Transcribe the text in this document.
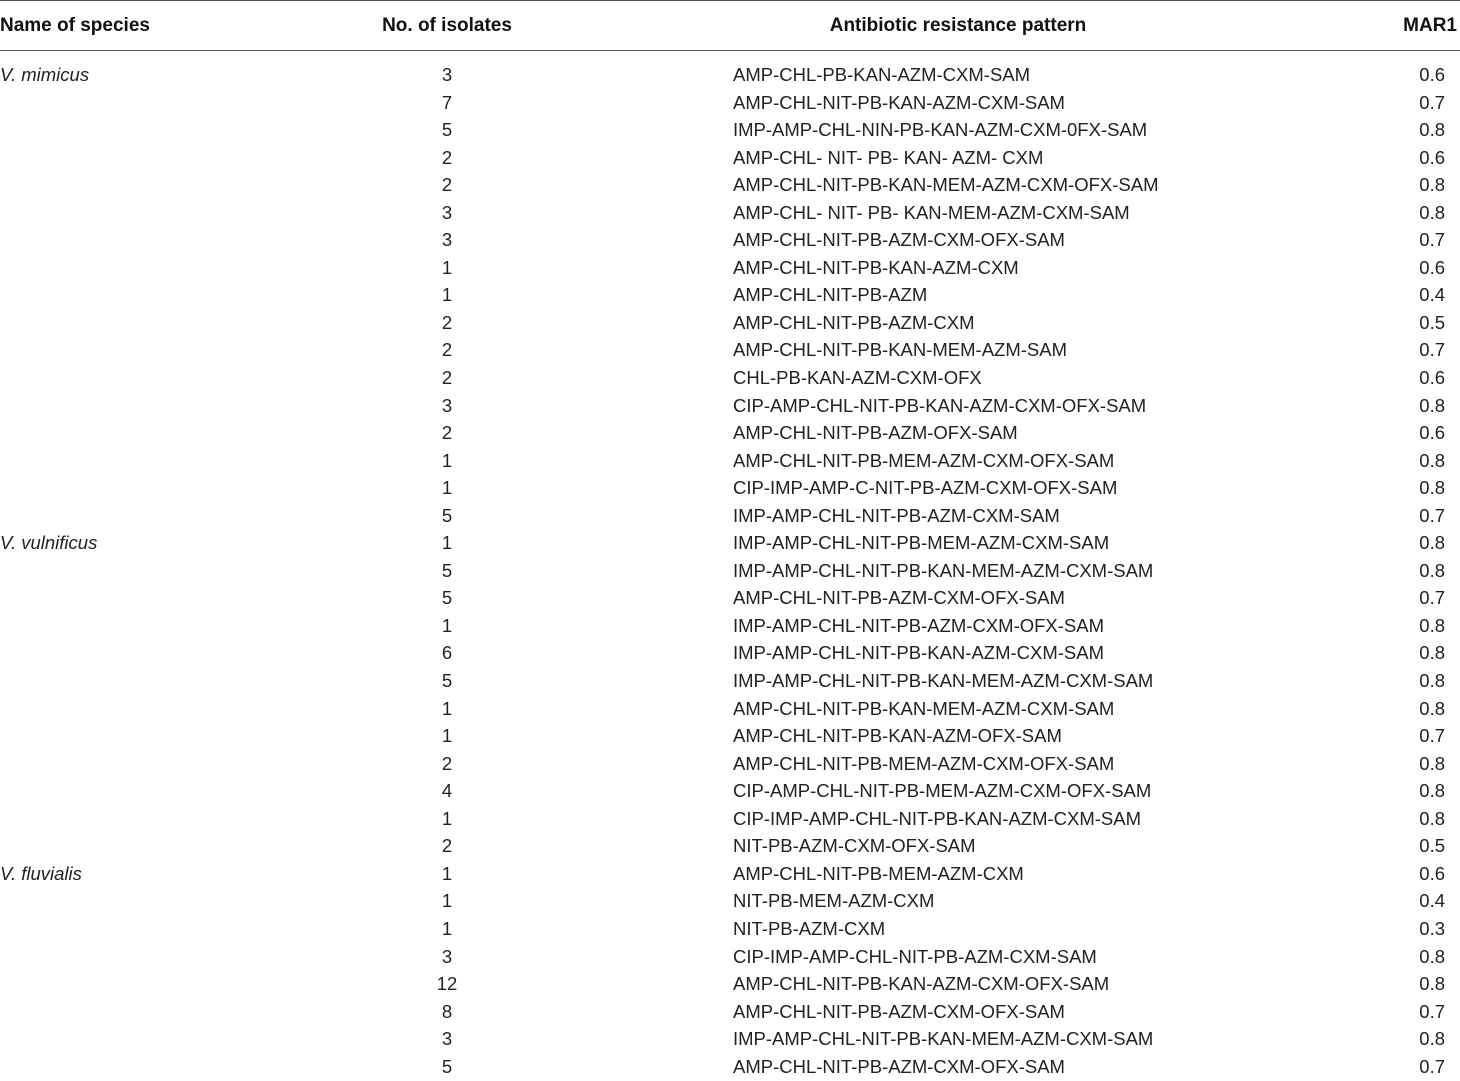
Name of species	No. of isolates	Antibiotic resistance pattern	MAR1
V. mimicus	3	AMP-CHL-PB-KAN-AZM-CXM-SAM	0.6
7	AMP-CHL-NIT-PB-KAN-AZM-CXM-SAM	0.7
5	IMP-AMP-CHL-NIN-PB-KAN-AZM-CXM-0FX-SAM	0.8
2	AMP-CHL- NIT- PB- KAN- AZM- CXM	0.6
2	AMP-CHL-NIT-PB-KAN-MEM-AZM-CXM-OFX-SAM	0.8
3	AMP-CHL- NIT- PB- KAN-MEM-AZM-CXM-SAM	0.8
3	AMP-CHL-NIT-PB-AZM-CXM-OFX-SAM	0.7
1	AMP-CHL-NIT-PB-KAN-AZM-CXM	0.6
1	AMP-CHL-NIT-PB-AZM	0.4
2	AMP-CHL-NIT-PB-AZM-CXM	0.5
2	AMP-CHL-NIT-PB-KAN-MEM-AZM-SAM	0.7
2	CHL-PB-KAN-AZM-CXM-OFX	0.6
3	CIP-AMP-CHL-NIT-PB-KAN-AZM-CXM-OFX-SAM	0.8
2	AMP-CHL-NIT-PB-AZM-OFX-SAM	0.6
1	AMP-CHL-NIT-PB-MEM-AZM-CXM-OFX-SAM	0.8
1	CIP-IMP-AMP-C-NIT-PB-AZM-CXM-OFX-SAM	0.8
5	IMP-AMP-CHL-NIT-PB-AZM-CXM-SAM	0.7
V. vulnificus	1	IMP-AMP-CHL-NIT-PB-MEM-AZM-CXM-SAM	0.8
5	IMP-AMP-CHL-NIT-PB-KAN-MEM-AZM-CXM-SAM	0.8
5	AMP-CHL-NIT-PB-AZM-CXM-OFX-SAM	0.7
1	IMP-AMP-CHL-NIT-PB-AZM-CXM-OFX-SAM	0.8
6	IMP-AMP-CHL-NIT-PB-KAN-AZM-CXM-SAM	0.8
5	IMP-AMP-CHL-NIT-PB-KAN-MEM-AZM-CXM-SAM	0.8
1	AMP-CHL-NIT-PB-KAN-MEM-AZM-CXM-SAM	0.8
1	AMP-CHL-NIT-PB-KAN-AZM-OFX-SAM	0.7
2	AMP-CHL-NIT-PB-MEM-AZM-CXM-OFX-SAM	0.8
4	CIP-AMP-CHL-NIT-PB-MEM-AZM-CXM-OFX-SAM	0.8
1	CIP-IMP-AMP-CHL-NIT-PB-KAN-AZM-CXM-SAM	0.8
2	NIT-PB-AZM-CXM-OFX-SAM	0.5
V. fluvialis	1	AMP-CHL-NIT-PB-MEM-AZM-CXM	0.6
1	NIT-PB-MEM-AZM-CXM	0.4
1	NIT-PB-AZM-CXM	0.3
3	CIP-IMP-AMP-CHL-NIT-PB-AZM-CXM-SAM	0.8
12	AMP-CHL-NIT-PB-KAN-AZM-CXM-OFX-SAM	0.8
8	AMP-CHL-NIT-PB-AZM-CXM-OFX-SAM	0.7
3	IMP-AMP-CHL-NIT-PB-KAN-MEM-AZM-CXM-SAM	0.8
5	AMP-CHL-NIT-PB-AZM-CXM-OFX-SAM	0.7
